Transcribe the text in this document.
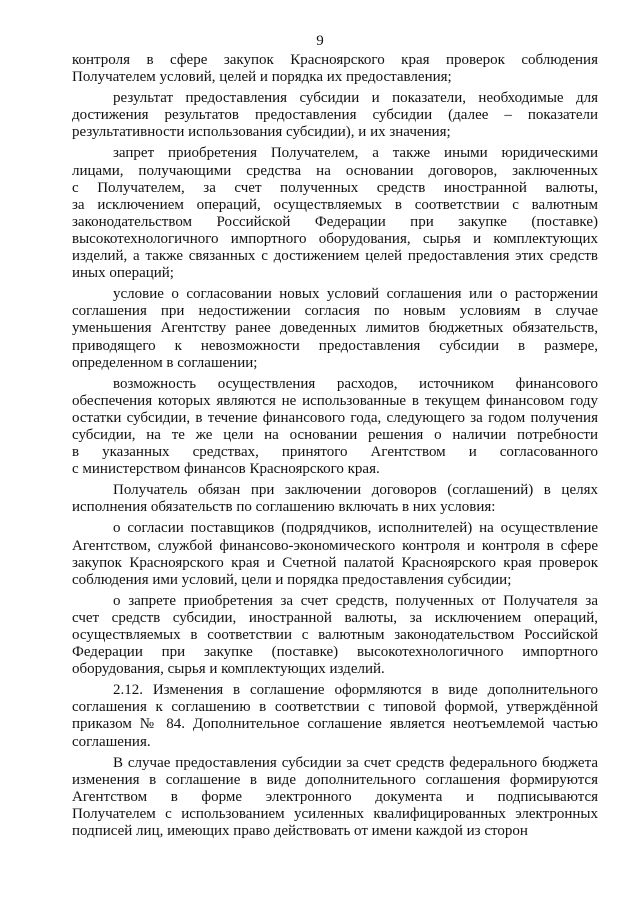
9
контроля в сфере закупок Красноярского края проверок соблюдения
Получателем условий, целей и порядка их предоставления;
результат предоставления субсидии и показатели, необходимые для
достижения результатов предоставления субсидии (далее – показатели
результативности использования субсидии), и их значения;
запрет приобретения Получателем, а также иными юридическими
лицами, получающими средства на основании договоров, заключенных
с Получателем, за счет полученных средств иностранной валюты,
за исключением операций, осуществляемых в соответствии с валютным
законодательством Российской Федерации при закупке (поставке)
высокотехнологичного импортного оборудования, сырья и комплектующих
изделий, а также связанных с достижением целей предоставления этих средств
иных операций;
условие о согласовании новых условий соглашения или о расторжении
соглашения при недостижении согласия по новым условиям в случае
уменьшения Агентству ранее доведенных лимитов бюджетных обязательств,
приводящего к невозможности предоставления субсидии в размере,
определенном в соглашении;
возможность осуществления расходов, источником финансового
обеспечения которых являются не использованные в текущем финансовом году
остатки субсидии, в течение финансового года, следующего за годом получения
субсидии, на те же цели на основании решения о наличии потребности
в указанных средствах, принятого Агентством и согласованного
с министерством финансов Красноярского края.
Получатель обязан при заключении договоров (соглашений) в целях
исполнения обязательств по соглашению включать в них условия:
о согласии поставщиков (подрядчиков, исполнителей) на осуществление
Агентством, службой финансово-экономического контроля и контроля в сфере
закупок Красноярского края и Счетной палатой Красноярского края проверок
соблюдения ими условий, цели и порядка предоставления субсидии;
о запрете приобретения за счет средств, полученных от Получателя за
счет средств субсидии, иностранной валюты, за исключением операций,
осуществляемых в соответствии с валютным законодательством Российской
Федерации при закупке (поставке) высокотехнологичного импортного
оборудования, сырья и комплектующих изделий.
2.12. Изменения в соглашение оформляются в виде дополнительного
соглашения к соглашению в соответствии с типовой формой, утверждённой
приказом № 84. Дополнительное соглашение является неотъемлемой частью
соглашения.
В случае предоставления субсидии за счет средств федерального бюджета
изменения в соглашение в виде дополнительного соглашения формируются
Агентством в форме электронного документа и подписываются
Получателем с использованием усиленных квалифицированных электронных
подписей лиц, имеющих право действовать от имени каждой из сторон
